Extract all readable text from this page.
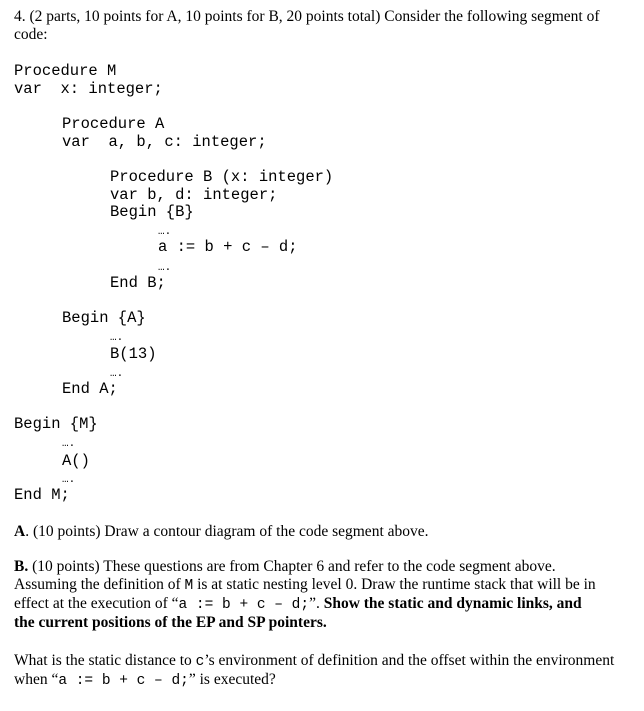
4. (2 parts, 10 points for A, 10 points for B, 20 points total) Consider the following segment of
code:
Procedure M
var  x: integer;
Procedure A
var  a, b, c: integer;
Procedure B (x: integer)
var b, d: integer;
Begin {B}
….
a := b + c – d;
….
End B;
Begin {A}
….
B(13)
….
End A;
Begin {M}
….
A()
….
End M;
A. (10 points) Draw a contour diagram of the code segment above.
B. (10 points) These questions are from Chapter 6 and refer to the code segment above.
Assuming the definition of M is at static nesting level 0. Draw the runtime stack that will be in
effect at the execution of “a := b + c – d;”. Show the static and dynamic links, and
the current positions of the EP and SP pointers.
What is the static distance to c’s environment of definition and the offset within the environment
when “a := b + c – d;” is executed?
